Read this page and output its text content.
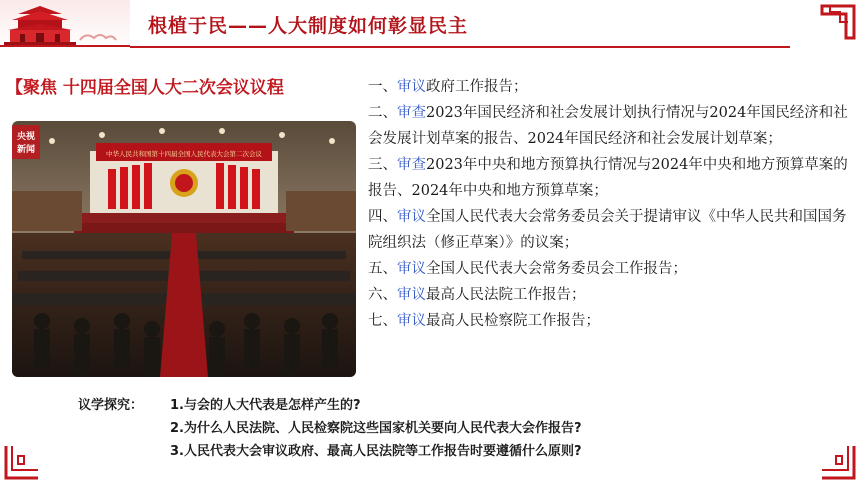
根植于民——人大制度如何彰显民主
【聚焦 十四届全国人大二次会议议程
中华人民共和国第十四届全国人民代表大会第二次会议
央视
新闻

一、审议政府工作报告；

二、审查2023年国民经济和社会发展计划执行情况与2024年国民经济和社会发展计划草案的报告、2024年国民经济和社会发展计划草案；

三、审查2023年中央和地方预算执行情况与2024年中央和地方预算草案的报告、2024年中央和地方预算草案；

四、审议全国人民代表大会常务委员会关于提请审议《中华人民共和国国务院组织法（修正草案）》的议案；

五、审议全国人民代表大会常务委员会工作报告；

六、审议最高人民法院工作报告；

七、审议最高人民检察院工作报告；

议学探究： 1.与会的人大代表是怎样产生的?
2.为什么人民法院、人民检察院这些国家机关要向人民代表大会作报告?
3.人民代表大会审议政府、最高人民法院等工作报告时要遵循什么原则?
